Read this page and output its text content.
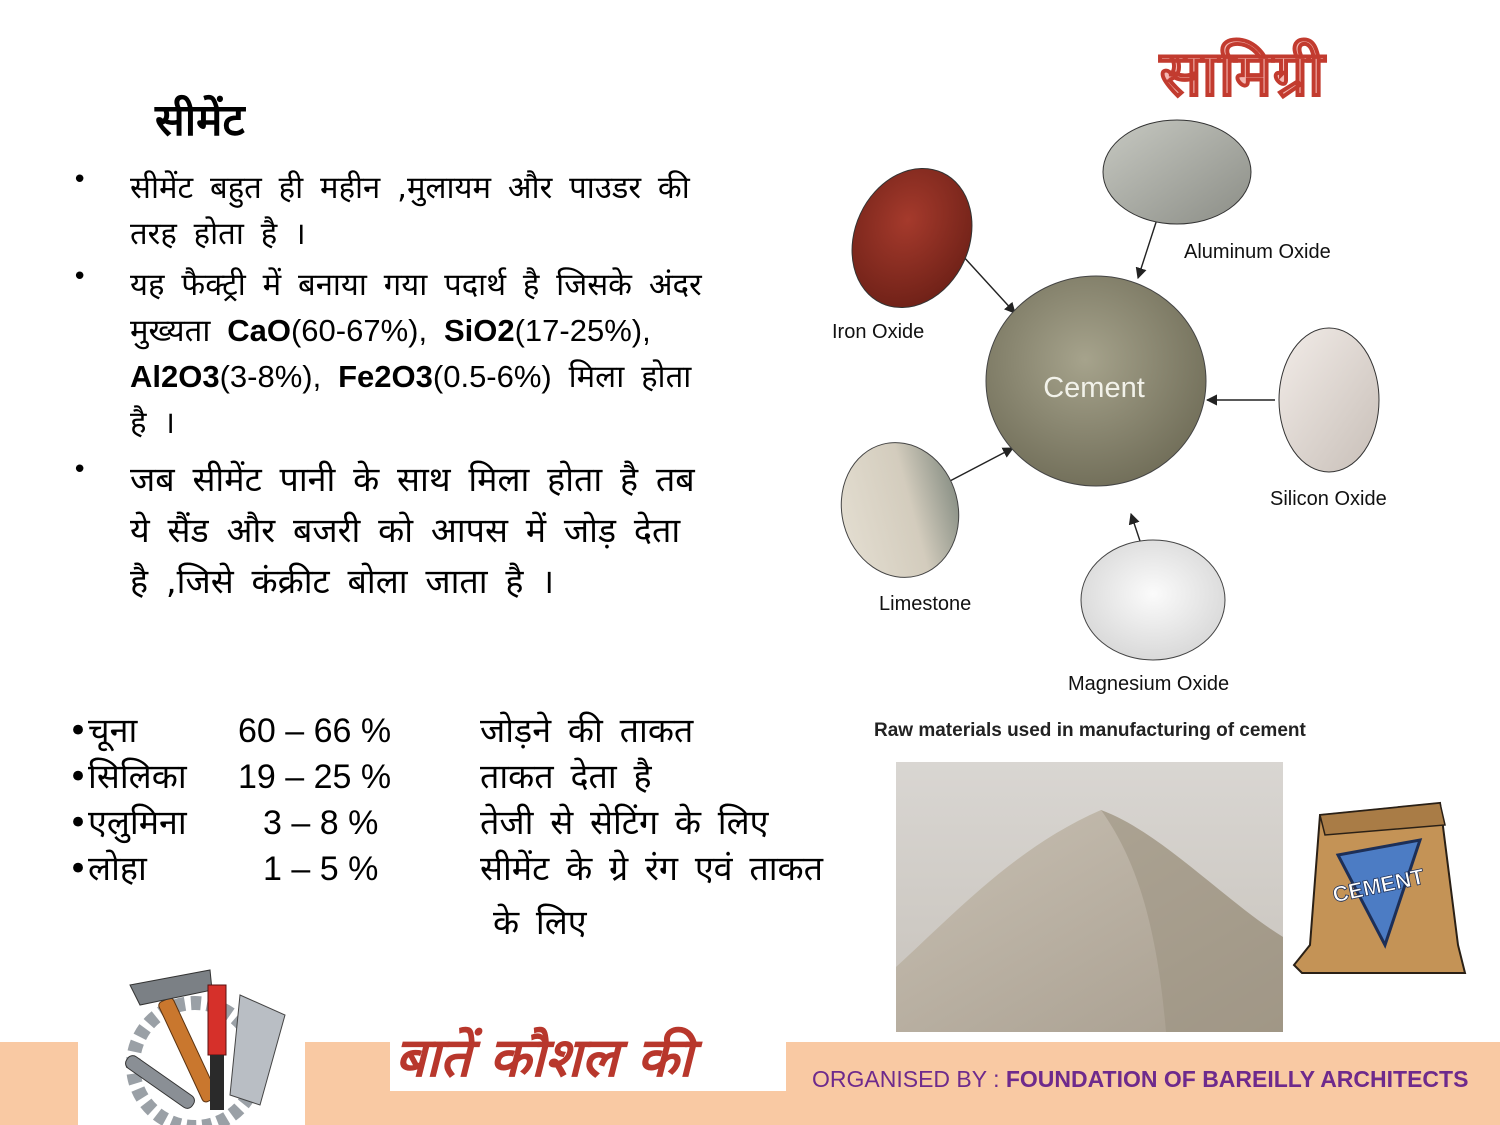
सीमेंट
सामिग्री
• सीमेंट बहुत ही महीन ,मुलायम और पाउडर की तरह होता है ।
• यह फैक्ट्री में बनाया गया पदार्थ है जिसके अंदर मुख्यता CaO(60-67%), SiO2(17-25%), Al2O3(3-8%), Fe2O3(0.5-6%) मिला होता है ।
• जब सीमेंट पानी के साथ मिला होता है तब ये सैंड और बजरी को आपस में जोड़ देता है ,जिसे कंक्रीट बोला जाता है ।
•चूना	60 – 66 %	जोड़ने की ताकत
•सिलिका 19 – 25 %	ताकत देता है
•एलुमिना 3 – 8 %	तेजी से सेटिंग के लिए
•लोहा	1 – 5 %	सीमेंट के ग्रे रंग एवं ताकत
के लिए
Cement
Iron Oxide
Aluminum Oxide
Silicon Oxide
Magnesium Oxide
Limestone
Raw materials used in manufacturing of cement
CEMENT
बातें कौशल की	ORGANISED BY : FOUNDATION OF BAREILLY ARCHITECTS
